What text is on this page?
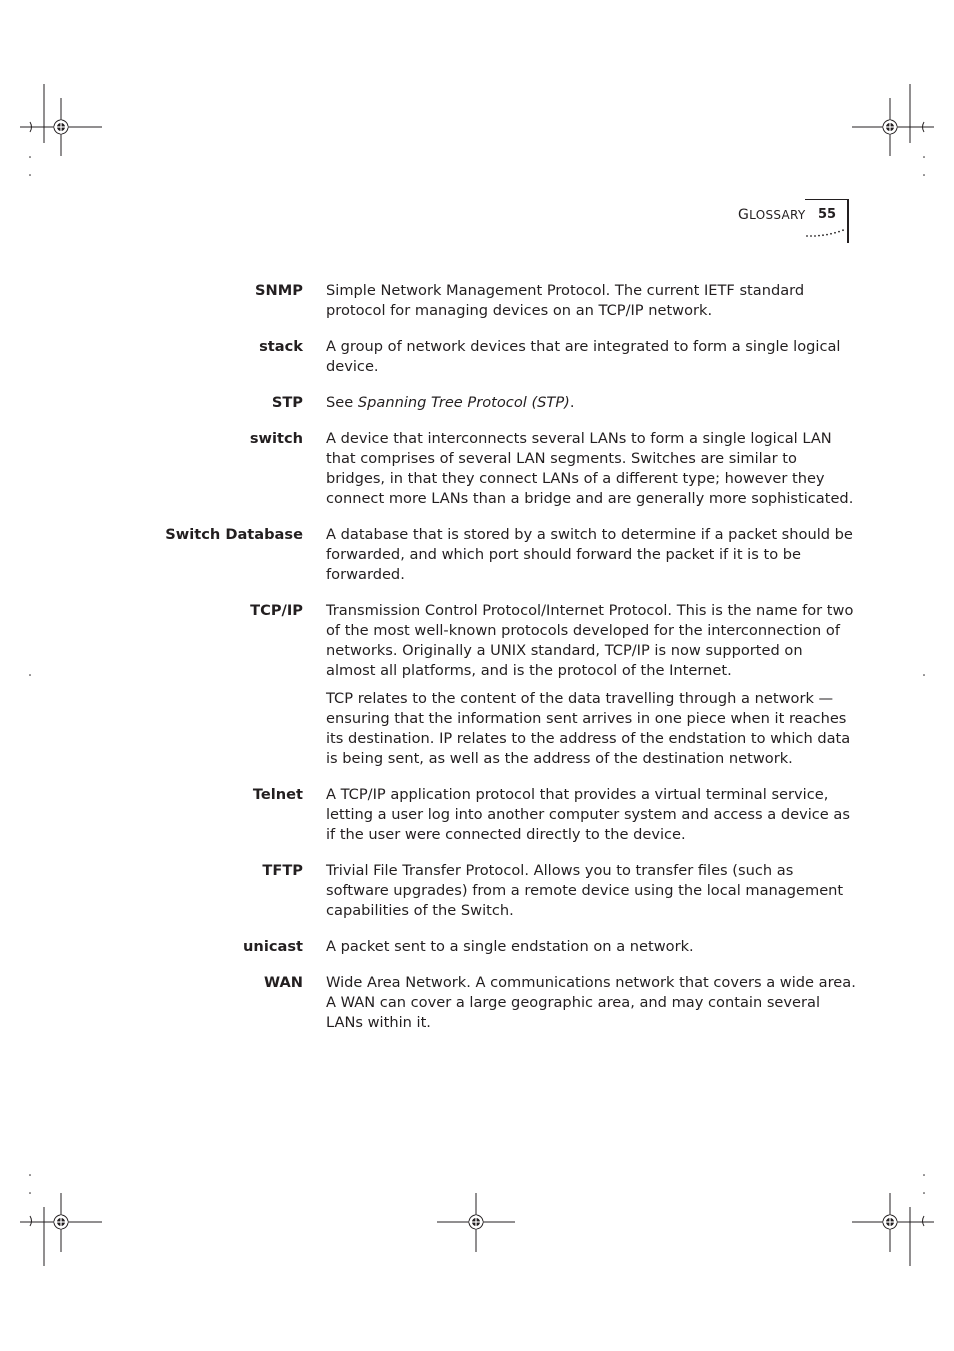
GLOSSARY 55
SNMP Simple Network Management Protocol. The current IETF standard protocol for managing devices on an TCP/IP network.

stack A group of network devices that are integrated to form a single logical device.

STP See Spanning Tree Protocol (STP).

switch A device that interconnects several LANs to form a single logical LAN that comprises of several LAN segments. Switches are similar to bridges, in that they connect LANs of a different type; however they connect more LANs than a bridge and are generally more sophisticated.

Switch Database A database that is stored by a switch to determine if a packet should be forwarded, and which port should forward the packet if it is to be forwarded.

TCP/IP Transmission Control Protocol/Internet Protocol. This is the name for two of the most well-known protocols developed for the interconnection of networks. Originally a UNIX standard, TCP/IP is now supported on almost all platforms, and is the protocol of the Internet.

TCP relates to the content of the data travelling through a network — ensuring that the information sent arrives in one piece when it reaches its destination. IP relates to the address of the endstation to which data is being sent, as well as the address of the destination network.

Telnet A TCP/IP application protocol that provides a virtual terminal service, letting a user log into another computer system and access a device as if the user were connected directly to the device.

TFTP Trivial File Transfer Protocol. Allows you to transfer files (such as software upgrades) from a remote device using the local management capabilities of the Switch.

unicast A packet sent to a single endstation on a network.

WAN Wide Area Network. A communications network that covers a wide area. A WAN can cover a large geographic area, and may contain several LANs within it.
